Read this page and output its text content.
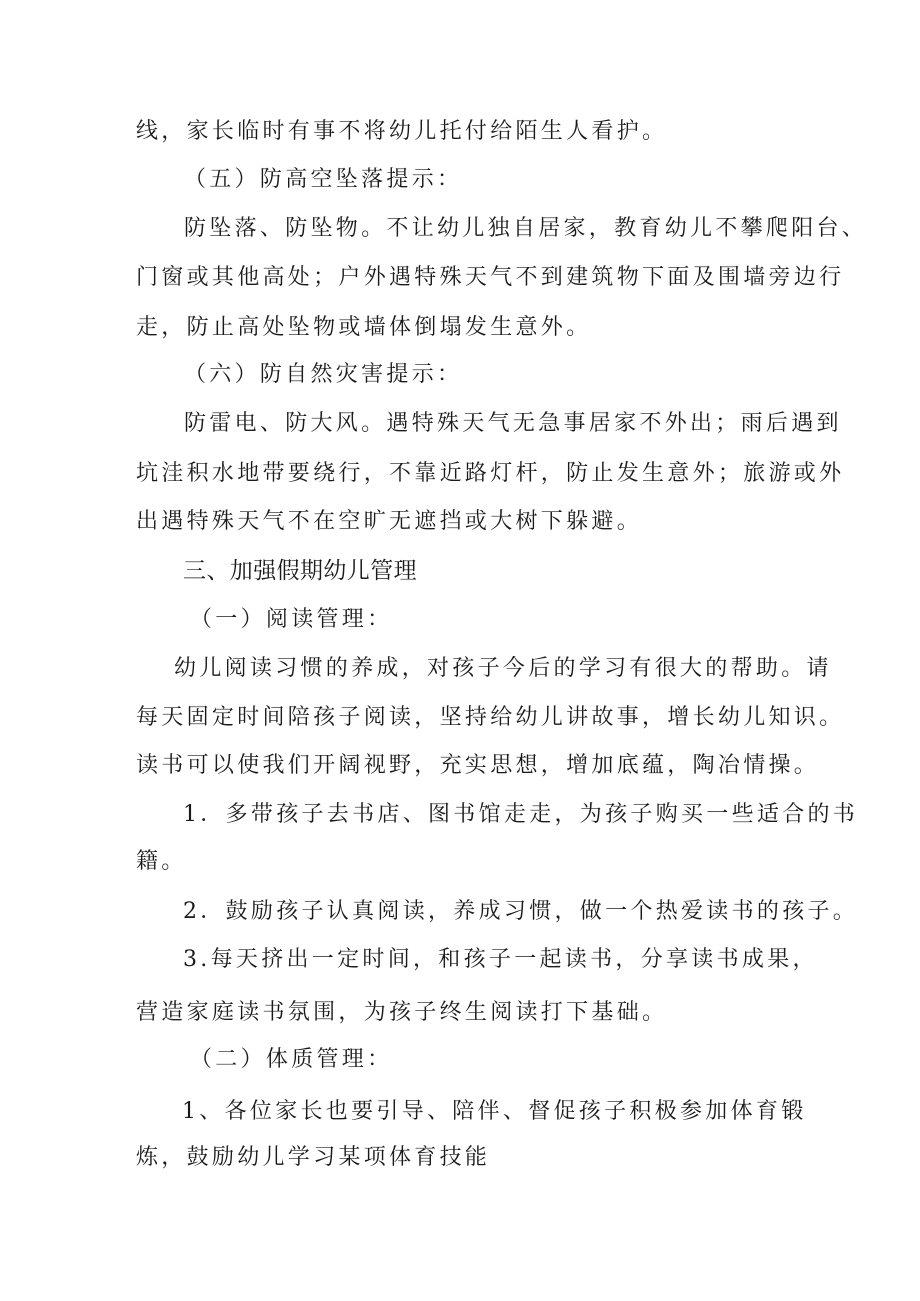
线，家长临时有事不将幼儿托付给陌生人看护。
（五）防高空坠落提示：
防坠落、防坠物。不让幼儿独自居家，教育幼儿不攀爬阳台、
门窗或其他高处；户外遇特殊天气不到建筑物下面及围墙旁边行
走，防止高处坠物或墙体倒塌发生意外。
（六）防自然灾害提示：
防雷电、防大风。遇特殊天气无急事居家不外出；雨后遇到
坑洼积水地带要绕行，不靠近路灯杆，防止发生意外；旅游或外
出遇特殊天气不在空旷无遮挡或大树下躲避。
三、加强假期幼儿管理
（一）阅读管理：
幼儿阅读习惯的养成，对孩子今后的学习有很大的帮助。请
每天固定时间陪孩子阅读，坚持给幼儿讲故事，增长幼儿知识。
读书可以使我们开阔视野，充实思想，增加底蕴，陶冶情操。
1．多带孩子去书店、图书馆走走，为孩子购买一些适合的书
籍。
2．鼓励孩子认真阅读，养成习惯，做一个热爱读书的孩子。
3.每天挤出一定时间，和孩子一起读书，分享读书成果，
营造家庭读书氛围，为孩子终生阅读打下基础。
（二）体质管理：
1、各位家长也要引导、陪伴、督促孩子积极参加体育锻
炼，鼓励幼儿学习某项体育技能
